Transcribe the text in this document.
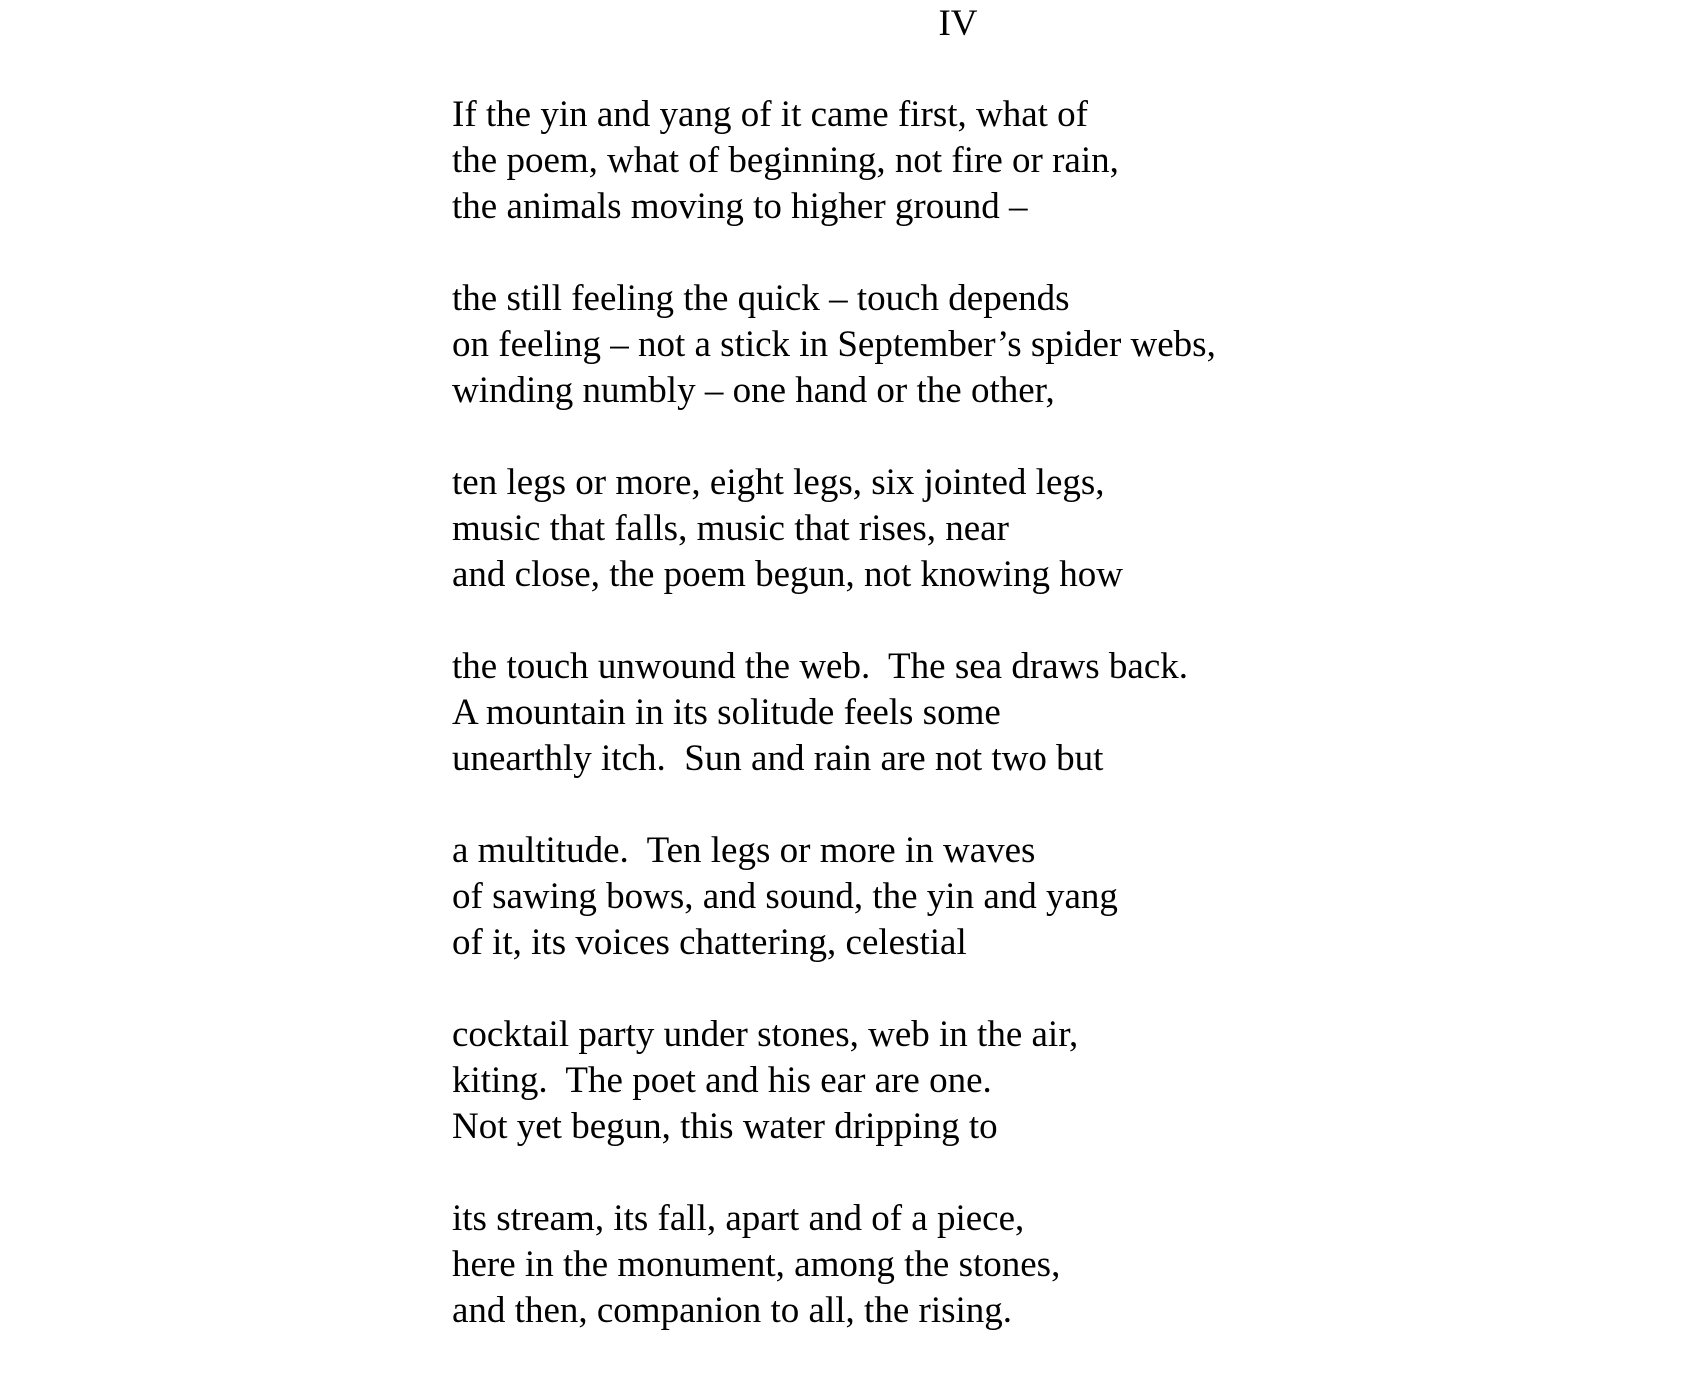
IV
If the yin and yang of it came first, what of
the poem, what of beginning, not fire or rain,
the animals moving to higher ground –
the still feeling the quick – touch depends
on feeling – not a stick in September’s spider webs,
winding numbly – one hand or the other,
ten legs or more, eight legs, six jointed legs,
music that falls, music that rises, near
and close, the poem begun, not knowing how
the touch unwound the web.  The sea draws back.
A mountain in its solitude feels some
unearthly itch.  Sun and rain are not two but
a multitude.  Ten legs or more in waves
of sawing bows, and sound, the yin and yang
of it, its voices chattering, celestial
cocktail party under stones, web in the air,
kiting.  The poet and his ear are one.
Not yet begun, this water dripping to
its stream, its fall, apart and of a piece,
here in the monument, among the stones,
and then, companion to all, the rising.
